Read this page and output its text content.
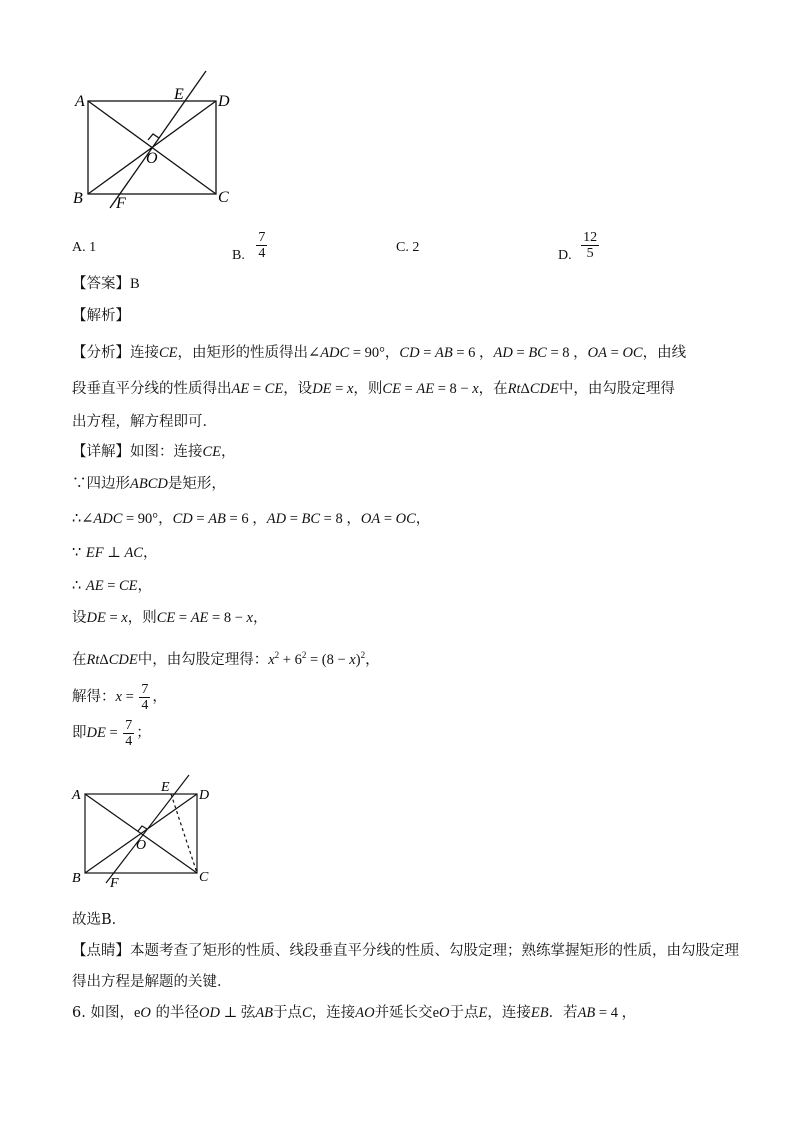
A	D
B	C
E
F
O
A. 1
B. $\frac{7}{4}$	C. 2
D. $\frac{12}{5}$
【答案】B
【解析】
【分析】连接CE，由矩形的性质得出∠ADC = 90°，CD = AB = 6 ，AD = BC = 8 ，OA = OC，由线
段垂直平分线的性质得出AE = CE，设DE = x，则CE = AE = 8 − x，在RtΔCDE中，由勾股定理得
出方程，解方程即可．
【详解】如图：连接CE，
∵四边形ABCD是矩形，
∴∠ADC = 90°，CD = AB = 6 ，AD = BC = 8 ，OA = OC，
∵ EF ⊥ AC，
∴ AE = CE，
设DE = x，则CE = AE = 8 − x，
在RtΔCDE中，由勾股定理得：$x^2 + 6^2 = (8 - x)^2$，
解得：$x = \frac{7}{4}$ ，
即DE = $\frac{7}{4}$ ；
A	D
B	C
E
F
O
故选B．
【点睛】本题考查了矩形的性质、线段垂直平分线的性质、勾股定理；熟练掌握矩形的性质，由勾股定理
得出方程是解题的关键．
6. 如图，eO 的半径OD ⊥ 弦AB于点C，连接AO并延长交eO于点E，连接EB．若AB = 4 ，
